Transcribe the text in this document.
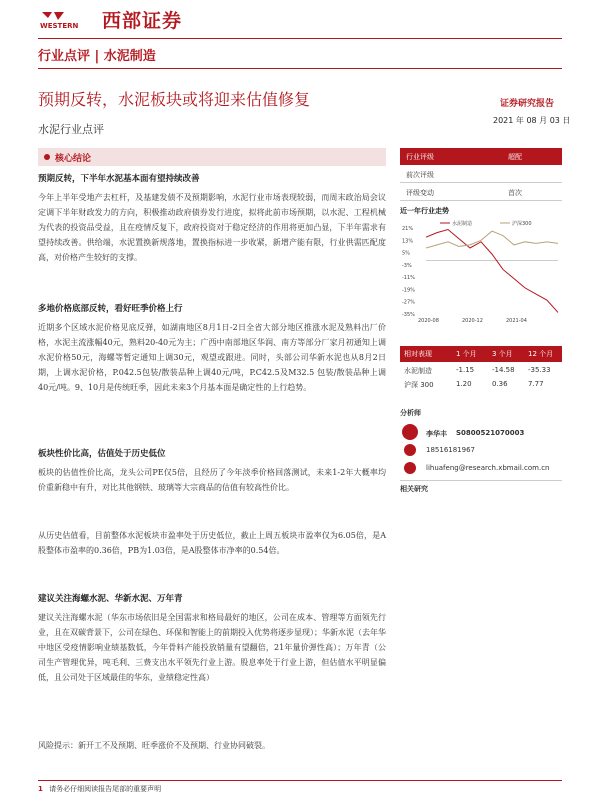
WESTERN 西部证券
行业点评 | 水泥制造
预期反转，水泥板块或将迎来估值修复	证券研究报告
2021 年 08 月 03 日
水泥行业点评
核心结论
预期反转，下半年水泥基本面有望持续改善
今年上半年受地产去杠杆，及基建发债不及预期影响，水泥行业市场表现较弱，而周末政治局会议定调下半年财政发力的方向，积极推动政府债券发行进度，拟将此前市场预期，以水泥、工程机械为代表的投资品受益，且在疫情反复下，政府投资对于稳定经济的作用将更加凸显，下半年需求有望持续改善。供给端，水泥置换新规落地，置换指标进一步收紧，新增产能有限，行业供需匹配度高，对价格产生较好的支撑。
多地价格底部反转，看好旺季价格上行
近期多个区域水泥价格见底反弹，如湖南地区8月1日-2日全省大部分地区推涨水泥及熟料出厂价格，水泥主流涨幅40元，熟料20-40元为主；广西中南部地区华润、南方等部分厂家月初通知上调水泥价格50元，海螺等暂定通知上调30元，观望或跟进。同时，头部公司华新水泥也从8月2日期，上调水泥价格，P.042.5包装/散装品种上调40元/吨，P.C42.5及M32.5 包装/散装品种上调40元/吨。9、10月是传统旺季，因此未来3个月基本面是确定性的上行趋势。
板块性价比高，估值处于历史低位
板块的估值性价比高，龙头公司PE仅5倍，且经历了今年淡季价格回落测试，未来1-2年大概率均价重新稳中有升，对比其他钢铁、玻璃等大宗商品的估值有较高性价比。
从历史估值看，目前整体水泥板块市盈率处于历史低位，截止上周五板块市盈率仅为6.05倍，是A股整体市盈率的0.36倍，PB为1.03倍，是A股整体市净率的0.54倍。
建议关注海螺水泥、华新水泥、万年青
建议关注海螺水泥（华东市场依旧是全国需求和格局最好的地区，公司在成本、管理等方面领先行业，且在双碳背景下，公司在绿色、环保和智能上的前期投入优势将逐步显现）；华新水泥（去年华中地区受疫情影响业绩基数低，今年骨料产能投放销量有望翻倍，21年量价弹性高）；万年青（公司生产管理优异，吨毛利、三费支出水平领先行业上游。股息率处于行业上游，但估值水平明显偏低，且公司处于区域最佳的华东，业绩稳定性高）
风险提示：新开工不及预期、旺季涨价不及预期、行业协同破裂。
行业评级	超配
前次评级
评级变动	首次
近一年行业走势
21%
13%
5%
-3%
-11%
-19%
-27%
-35%
2020-08	2020-12	2021-04
水泥制造	沪深300
相对表现	1 个月 3 个月 12 个月
水泥制造	-1.15	-14.58 -35.33
沪深 300	1.20	0.36	7.77
分析师
李华丰 S0800521070003
18516181967
lihuafeng@research.xbmail.com.cn
相关研究
1 请务必仔细阅读报告尾部的重要声明
